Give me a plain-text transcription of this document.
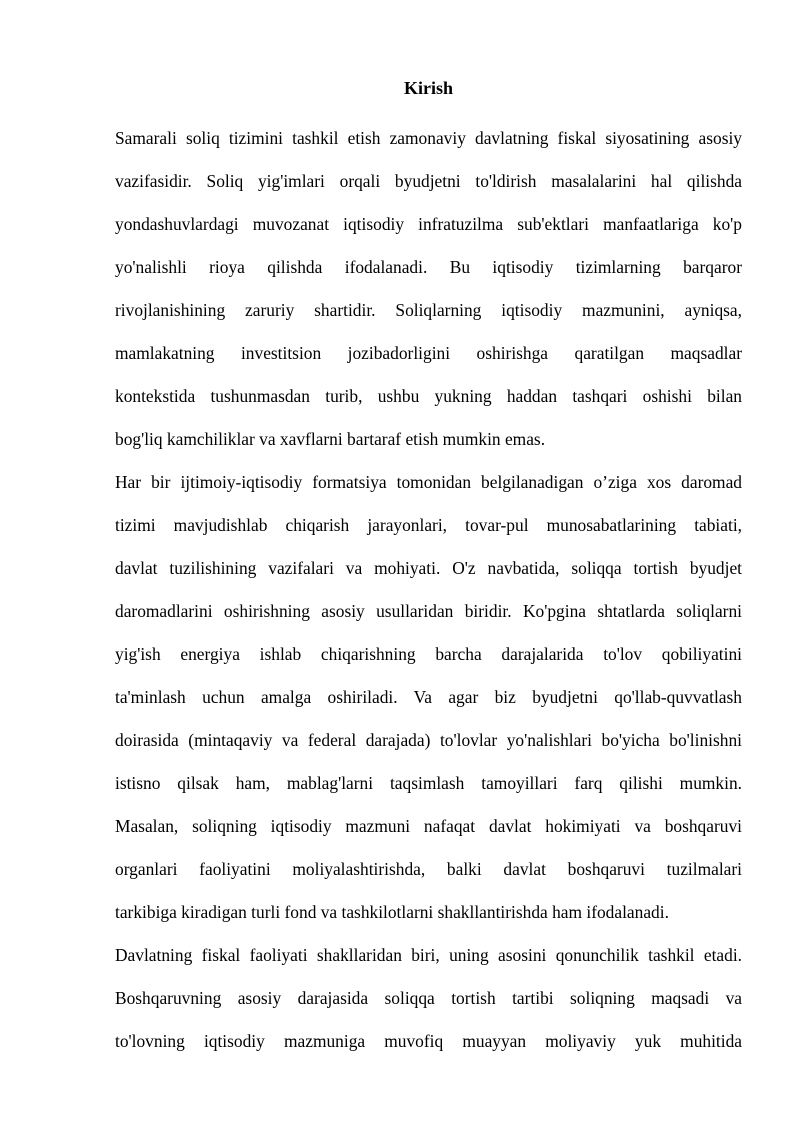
Kirish
Samarali soliq tizimini tashkil etish zamonaviy davlatning fiskal siyosatining asosiy
vazifasidir. Soliq yig'imlari orqali byudjetni to'ldirish masalalarini hal qilishda
yondashuvlardagi muvozanat iqtisodiy infratuzilma sub'ektlari manfaatlariga ko'p
yo'nalishli rioya qilishda ifodalanadi. Bu iqtisodiy tizimlarning barqaror
rivojlanishining zaruriy shartidir. Soliqlarning iqtisodiy mazmunini, ayniqsa,
mamlakatning investitsion jozibadorligini oshirishga qaratilgan maqsadlar
kontekstida tushunmasdan turib, ushbu yukning haddan tashqari oshishi bilan
bog'liq kamchiliklar va xavflarni bartaraf etish mumkin emas.
Har bir ijtimoiy-iqtisodiy formatsiya tomonidan belgilanadigan o’ziga xos daromad
tizimi mavjudishlab chiqarish jarayonlari, tovar-pul munosabatlarining tabiati,
davlat tuzilishining vazifalari va mohiyati. O'z navbatida, soliqqa tortish byudjet
daromadlarini oshirishning asosiy usullaridan biridir. Ko'pgina shtatlarda soliqlarni
yig'ish energiya ishlab chiqarishning barcha darajalarida to'lov qobiliyatini
ta'minlash uchun amalga oshiriladi. Va agar biz byudjetni qo'llab-quvvatlash
doirasida (mintaqaviy va federal darajada) to'lovlar yo'nalishlari bo'yicha bo'linishni
istisno qilsak ham, mablag'larni taqsimlash tamoyillari farq qilishi mumkin.
Masalan, soliqning iqtisodiy mazmuni nafaqat davlat hokimiyati va boshqaruvi
organlari faoliyatini moliyalashtirishda, balki davlat boshqaruvi tuzilmalari
tarkibiga kiradigan turli fond va tashkilotlarni shakllantirishda ham ifodalanadi.
Davlatning fiskal faoliyati shakllaridan biri, uning asosini qonunchilik tashkil etadi.
Boshqaruvning asosiy darajasida soliqqa tortish tartibi soliqning maqsadi va
to'lovning iqtisodiy mazmuniga muvofiq muayyan moliyaviy yuk muhitida
